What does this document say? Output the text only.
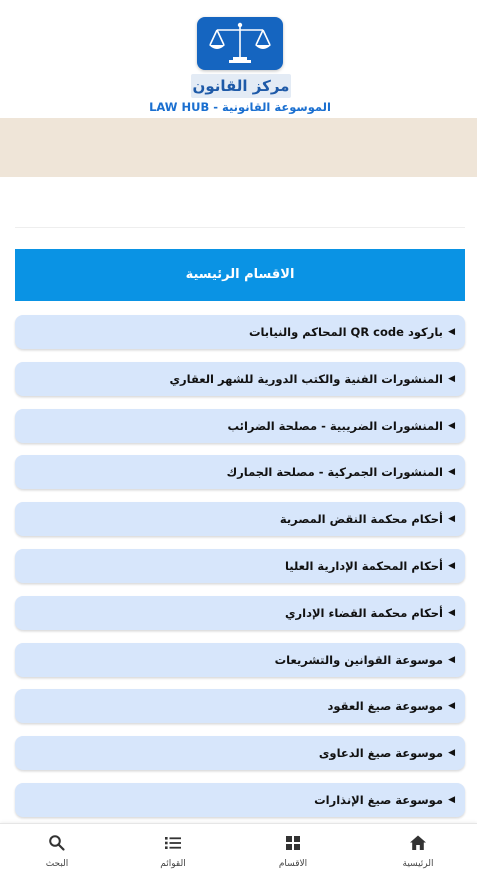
مركز القانون
الموسوعة القانونية - LAW HUB
الاقسام الرئيسية
◀
باركود QR code المحاكم والنيابات
◀
المنشورات الفنية والكتب الدورية للشهر العقاري
◀
المنشورات الضريبية - مصلحة الضرائب
◀
المنشورات الجمركية - مصلحة الجمارك
◀
أحكام محكمة النقض المصرية
◀
أحكام المحكمة الإدارية العليا
◀
أحكام محكمة القضاء الإداري
◀
موسوعة القوانين والتشريعات
◀
موسوعة صيغ العقود
◀
موسوعة صيغ الدعاوى
◀
موسوعة صيغ الإنذارات
البحث	القوائم	الاقسام	الرئيسية
